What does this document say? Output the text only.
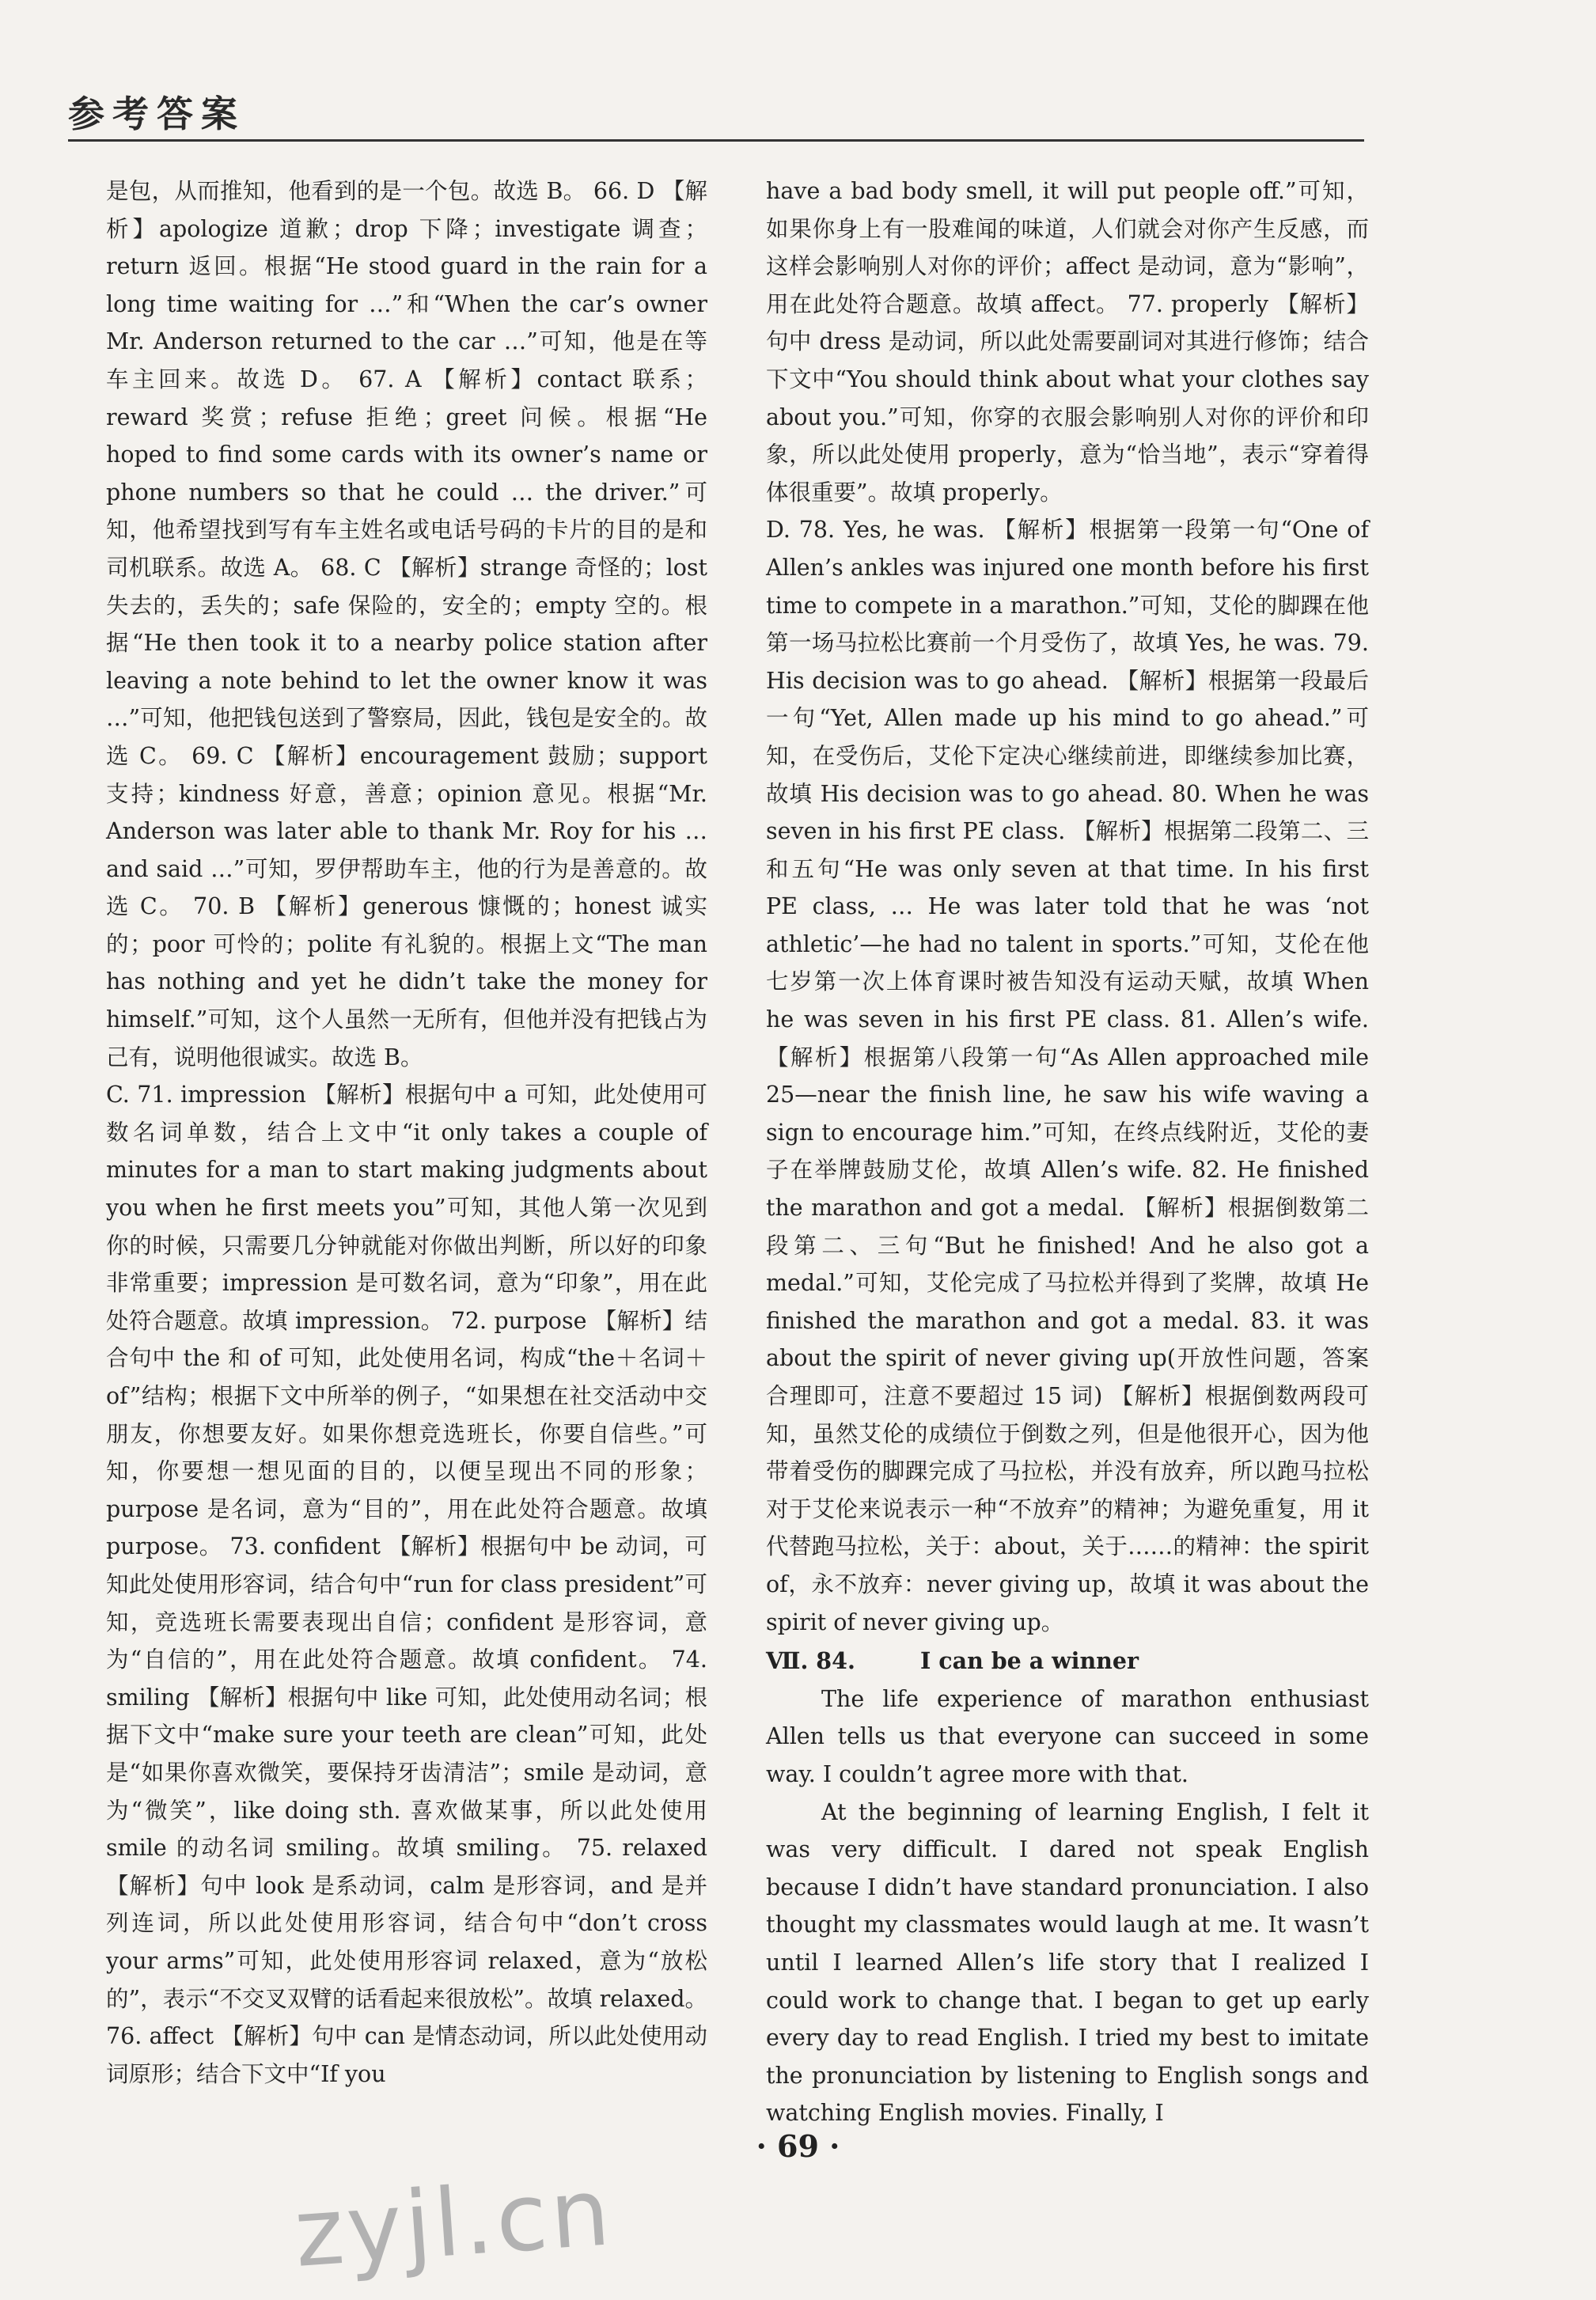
参考答案

是包，从而推知，他看到的是一个包。故选 B。 66. D 【解析】apologize 道歉；drop 下降；investigate 调查；return 返回。根据“He stood guard in the rain for a long time waiting for …”和“When the car’s owner Mr. Anderson returned to the car …”可知，他是在等车主回来。故选 D。 67. A 【解析】contact 联系；reward 奖赏；refuse 拒绝；greet 问候。根据“He hoped to find some cards with its owner’s name or phone numbers so that he could … the driver.”可知，他希望找到写有车主姓名或电话号码的卡片的目的是和司机联系。故选 A。 68. C 【解析】strange 奇怪的；lost 失去的，丢失的；safe 保险的，安全的；empty 空的。根据“He then took it to a nearby police station after leaving a note behind to let the owner know it was …”可知，他把钱包送到了警察局，因此，钱包是安全的。故选 C。 69. C 【解析】encouragement 鼓励；support 支持；kindness 好意，善意；opinion 意见。根据“Mr. Anderson was later able to thank Mr. Roy for his … and said …”可知，罗伊帮助车主，他的行为是善意的。故选 C。 70. B 【解析】generous 慷慨的；honest 诚实的；poor 可怜的；polite 有礼貌的。根据上文“The man has nothing and yet he didn’t take the money for himself.”可知，这个人虽然一无所有，但他并没有把钱占为己有，说明他很诚实。故选 B。

C. 71. impression 【解析】根据句中 a 可知，此处使用可数名词单数，结合上文中“it only takes a couple of minutes for a man to start making judgments about you when he first meets you”可知，其他人第一次见到你的时候，只需要几分钟就能对你做出判断，所以好的印象非常重要；impression 是可数名词，意为“印象”，用在此处符合题意。故填 impression。 72. purpose 【解析】结合句中 the 和 of 可知，此处使用名词，构成“the＋名词＋of”结构；根据下文中所举的例子，“如果想在社交活动中交朋友，你想要友好。如果你想竞选班长，你要自信些。”可知，你要想一想见面的目的，以便呈现出不同的形象；purpose 是名词，意为“目的”，用在此处符合题意。故填 purpose。 73. confident 【解析】根据句中 be 动词，可知此处使用形容词，结合句中“run for class president”可知，竞选班长需要表现出自信；confident 是形容词，意为“自信的”，用在此处符合题意。故填 confident。 74. smiling 【解析】根据句中 like 可知，此处使用动名词；根据下文中“make sure your teeth are clean”可知，此处是“如果你喜欢微笑，要保持牙齿清洁”；smile 是动词，意为“微笑”，like doing sth. 喜欢做某事，所以此处使用 smile 的动名词 smiling。故填 smiling。 75. relaxed 【解析】句中 look 是系动词，calm 是形容词，and 是并列连词，所以此处使用形容词，结合句中“don’t cross your arms”可知，此处使用形容词 relaxed，意为“放松的”，表示“不交叉双臂的话看起来很放松”。故填 relaxed。 76. affect 【解析】句中 can 是情态动词，所以此处使用动词原形；结合下文中“If you

have a bad body smell, it will put people off.”可知，如果你身上有一股难闻的味道，人们就会对你产生反感，而这样会影响别人对你的评价；affect 是动词，意为“影响”，用在此处符合题意。故填 affect。 77. properly 【解析】句中 dress 是动词，所以此处需要副词对其进行修饰；结合下文中“You should think about what your clothes say about you.”可知，你穿的衣服会影响别人对你的评价和印象，所以此处使用 properly，意为“恰当地”，表示“穿着得体很重要”。故填 properly。

D. 78. Yes, he was. 【解析】根据第一段第一句“One of Allen’s ankles was injured one month before his first time to compete in a marathon.”可知，艾伦的脚踝在他第一场马拉松比赛前一个月受伤了，故填 Yes, he was. 79. His decision was to go ahead. 【解析】根据第一段最后一句“Yet, Allen made up his mind to go ahead.”可知，在受伤后，艾伦下定决心继续前进，即继续参加比赛，故填 His decision was to go ahead. 80. When he was seven in his first PE class. 【解析】根据第二段第二、三和五句“He was only seven at that time. In his first PE class, … He was later told that he was ‘not athletic’—he had no talent in sports.”可知，艾伦在他七岁第一次上体育课时被告知没有运动天赋，故填 When he was seven in his first PE class. 81. Allen’s wife. 【解析】根据第八段第一句“As Allen approached mile 25—near the finish line, he saw his wife waving a sign to encourage him.”可知，在终点线附近，艾伦的妻子在举牌鼓励艾伦，故填 Allen’s wife. 82. He finished the marathon and got a medal. 【解析】根据倒数第二段第二、三句“But he finished! And he also got a medal.”可知，艾伦完成了马拉松并得到了奖牌，故填 He finished the marathon and got a medal. 83. it was about the spirit of never giving up(开放性问题，答案合理即可，注意不要超过 15 词) 【解析】根据倒数两段可知，虽然艾伦的成绩位于倒数之列，但是他很开心，因为他带着受伤的脚踝完成了马拉松，并没有放弃，所以跑马拉松对于艾伦来说表示一种“不放弃”的精神；为避免重复，用 it 代替跑马拉松，关于：about，关于……的精神：the spirit of，永不放弃：never giving up，故填 it was about the spirit of never giving up。

Ⅶ. 84.	I can be a winner

The life experience of marathon enthusiast Allen tells us that everyone can succeed in some way. I couldn’t agree more with that.

At the beginning of learning English, I felt it was very difficult. I dared not speak English because I didn’t have standard pronunciation. I also thought my classmates would laugh at me. It wasn’t until I learned Allen’s life story that I realized I could work to change that. I began to get up early every day to read English. I tried my best to imitate the pronunciation by listening to English songs and watching English movies. Finally, I

· 69 ·
zyjl.cn
